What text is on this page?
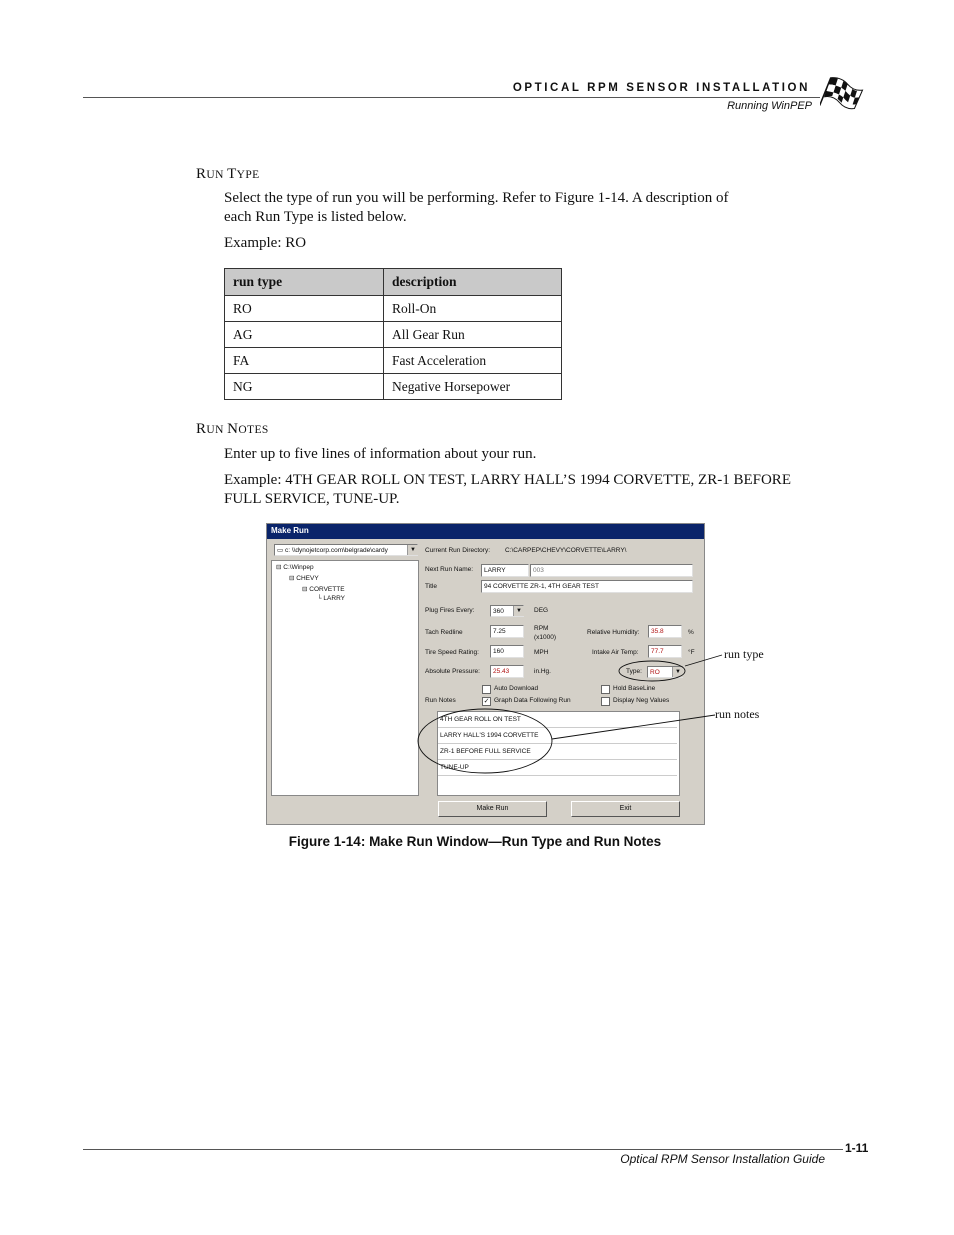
OPTICAL RPM SENSOR INSTALLATION
Running WinPEP
RUN TYPE
Select the type of run you will be performing. Refer to Figure 1-14. A description of
each Run Type is listed below.
Example: RO
run type	description
RO	Roll-On
AG	All Gear Run
FA	Fast Acceleration
NG	Negative Horsepower
RUN NOTES
Enter up to five lines of information about your run.
Example: 4TH GEAR ROLL ON TEST, LARRY HALL’S 1994 CORVETTE, ZR-1 BEFORE
FULL SERVICE, TUNE-UP.
Make Run
▭ c: \\dynojetcorp.com\belgrade\cardy	▼
⊟ C:\Winpep
⊟ CHEVY
⊟ CORVETTE
└ LARRY
Current Run Directory: C:\CARPEP\CHEVY\CORVETTE\LARRY\
Next Run Name:	LARRY	003
Title	94 CORVETTE ZR-1, 4TH GEAR TEST
Plug Fires Every:	360	▼	DEG
Tach Redline	7.25	RPM
(x1000)
Relative Humidity:	35.8	%
Tire Speed Rating:	160	MPH	Intake Air Temp:	77.7	°F
Absolute Pressure:	25.43	in.Hg.	Type:	RO	▼
Auto Download
✓ Graph Data Following Run
Hold BaseLine
Display Neg Values
Run Notes
4TH GEAR ROLL ON TEST
LARRY HALL'S 1994 CORVETTE
ZR-1 BEFORE FULL SERVICE
TUNE-UP
Make Run	Exit
run type
run notes
Figure 1-14: Make Run Window—Run Type and Run Notes
1-11
Optical RPM Sensor Installation Guide
